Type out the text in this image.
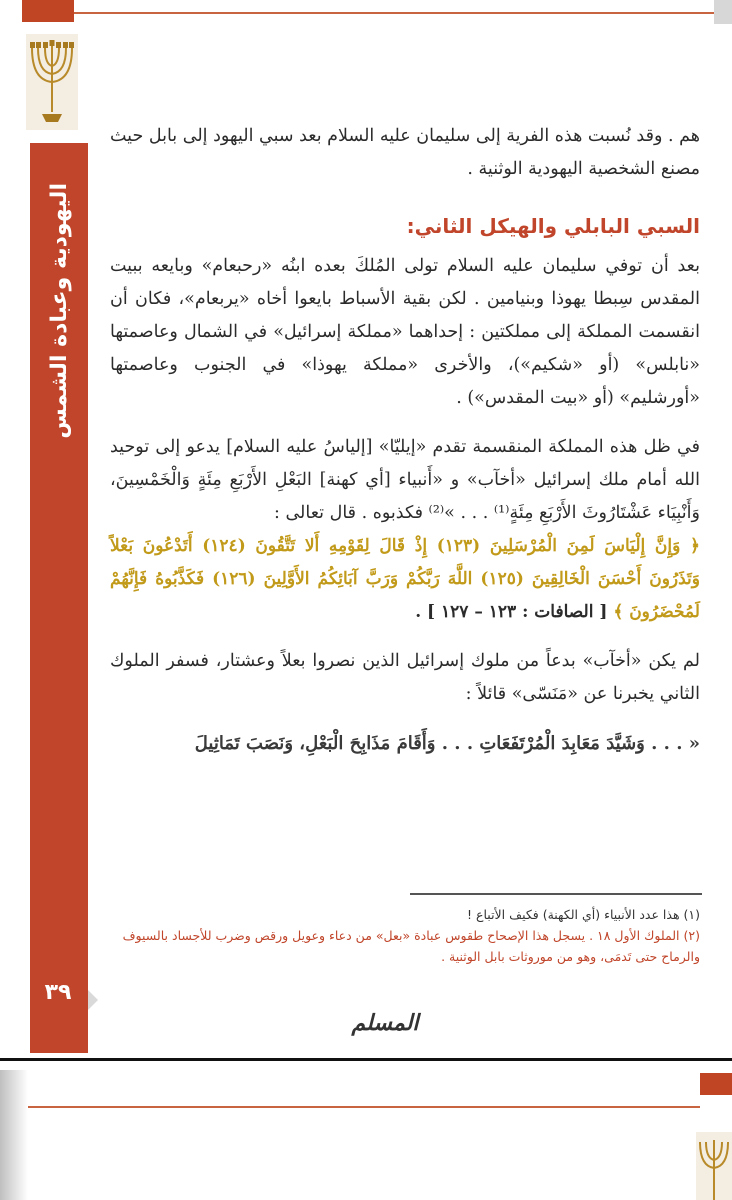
اليهودية وعبادة الشمس
٣٩

هم . وقد نُسبت هذه الفرية إلى سليمان عليه السلام بعد سبي اليهود إلى بابل حيث مصنع الشخصية اليهودية الوثنية .

السبي البابلي والهيكل الثاني:

بعد أن توفي سليمان عليه السلام تولى المُلكَ بعده ابنُه «رحبعام» وبايعه ببيت المقدس سِبطا يهوذا وبنيامين . لكن بقية الأسباط بايعوا أخاه «يربعام»، فكان أن انقسمت المملكة إلى مملكتين : إحداهما «مملكة إسرائيل» في الشمال وعاصمتها «نابلس» (أو «شكيم»)، والأخرى «مملكة يهوذا» في الجنوب وعاصمتها «أورشليم» (أو «بيت المقدس») .

في ظل هذه المملكة المنقسمة تقدم «إيليّا» [إلياسُ عليه السلام] يدعو إلى توحيد الله أمام ملك إسرائيل «أخآب» و «أَنبياء [أي كهنة] البَعْلِ الأَرْبَعِ مِئَةٍ وَالْخَمْسِينَ، وَأَنْبِيَاء عَشْتَارُوثَ الأَرْبَعِ مِئَةٍ⁽¹⁾ . . . »⁽²⁾ فكذبوه . قال تعالى :

﴿ وَإِنَّ إِلْيَاسَ لَمِنَ الْمُرْسَلِينَ (١٢٣) إِذْ قَالَ لِقَوْمِهِ أَلا تَتَّقُونَ (١٢٤) أَتَدْعُونَ بَعْلاً وَتَذَرُونَ أَحْسَنَ الْخَالِقِينَ (١٢٥) اللَّهَ رَبَّكُمْ وَرَبَّ آبَائِكُمُ الأَوَّلِينَ (١٢٦) فَكَذَّبُوهُ فَإِنَّهُمْ لَمُحْضَرُونَ ﴾ [ الصافات : ١٢٣ – ١٢٧ ] .

لم يكن «أخآب» بدعاً من ملوك إسرائيل الذين نصروا بعلاً وعشتار، فسفر الملوك الثاني يخبرنا عن «مَنَسّى» قائلاً :

« . . . وَشَيَّدَ مَعَابِدَ الْمُرْتَفَعَاتِ . . . وَأَقَامَ مَذَابِحَ الْبَعْلِ، وَنَصَبَ تَمَاثِيلَ

(١) هذا عدد الأنبياء (أي الكهنة) فكيف الأتباع !
(٢) الملوك الأول ١٨ . يسجل هذا الإصحاح طقوس عبادة «بعل» من دعاء وعويل ورقص وضرب للأجساد بالسيوف والرماح حتى تَدمَى، وهو من موروثات بابل الوثنية .
المسلم
